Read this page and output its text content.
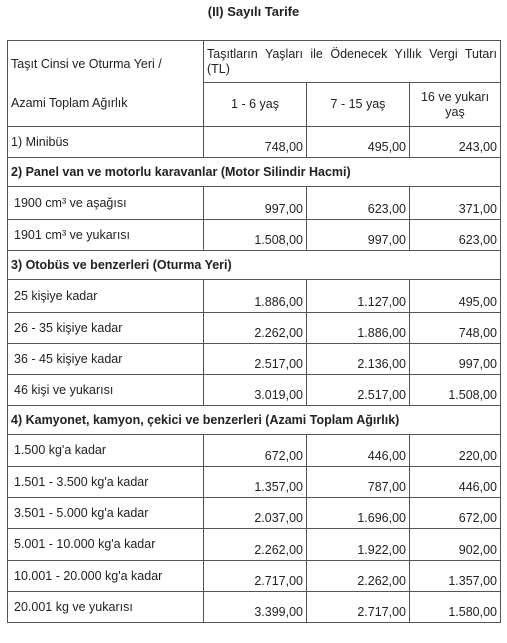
(II) Sayılı Tarife
Taşıt Cinsi ve Oturma Yeri /
Azami Toplam Ağırlık	Taşıtların Yaşları ile Ödenecek Yıllık Vergi Tutarı (TL)		
	1 - 6 yaş	7 - 15 yaş	16 ve yukarı yaş
1) Minibüs	748,00	495,00	243,00
2) Panel van ve motorlu karavanlar (Motor Silindir Hacmi)			
1900 cm³ ve aşağısı	997,00	623,00	371,00
1901 cm³ ve yukarısı	1.508,00	997,00	623,00
3) Otobüs ve benzerleri (Oturma Yeri)			
25 kişiye kadar	1.886,00	1.127,00	495,00
26 - 35 kişiye kadar	2.262,00	1.886,00	748,00
36 - 45 kişiye kadar	2.517,00	2.136,00	997,00
46 kişi ve yukarısı	3.019,00	2.517,00	1.508,00
4) Kamyonet, kamyon, çekici ve benzerleri (Azami Toplam Ağırlık)			
1.500 kg'a kadar	672,00	446,00	220,00
1.501 - 3.500 kg'a kadar	1.357,00	787,00	446,00
3.501 - 5.000 kg'a kadar	2.037,00	1.696,00	672,00
5.001 - 10.000 kg'a kadar	2.262,00	1.922,00	902,00
10.001 - 20.000 kg'a kadar	2.717,00	2.262,00	1.357,00
20.001 kg ve yukarısı	3.399,00	2.717,00	1.580,00
